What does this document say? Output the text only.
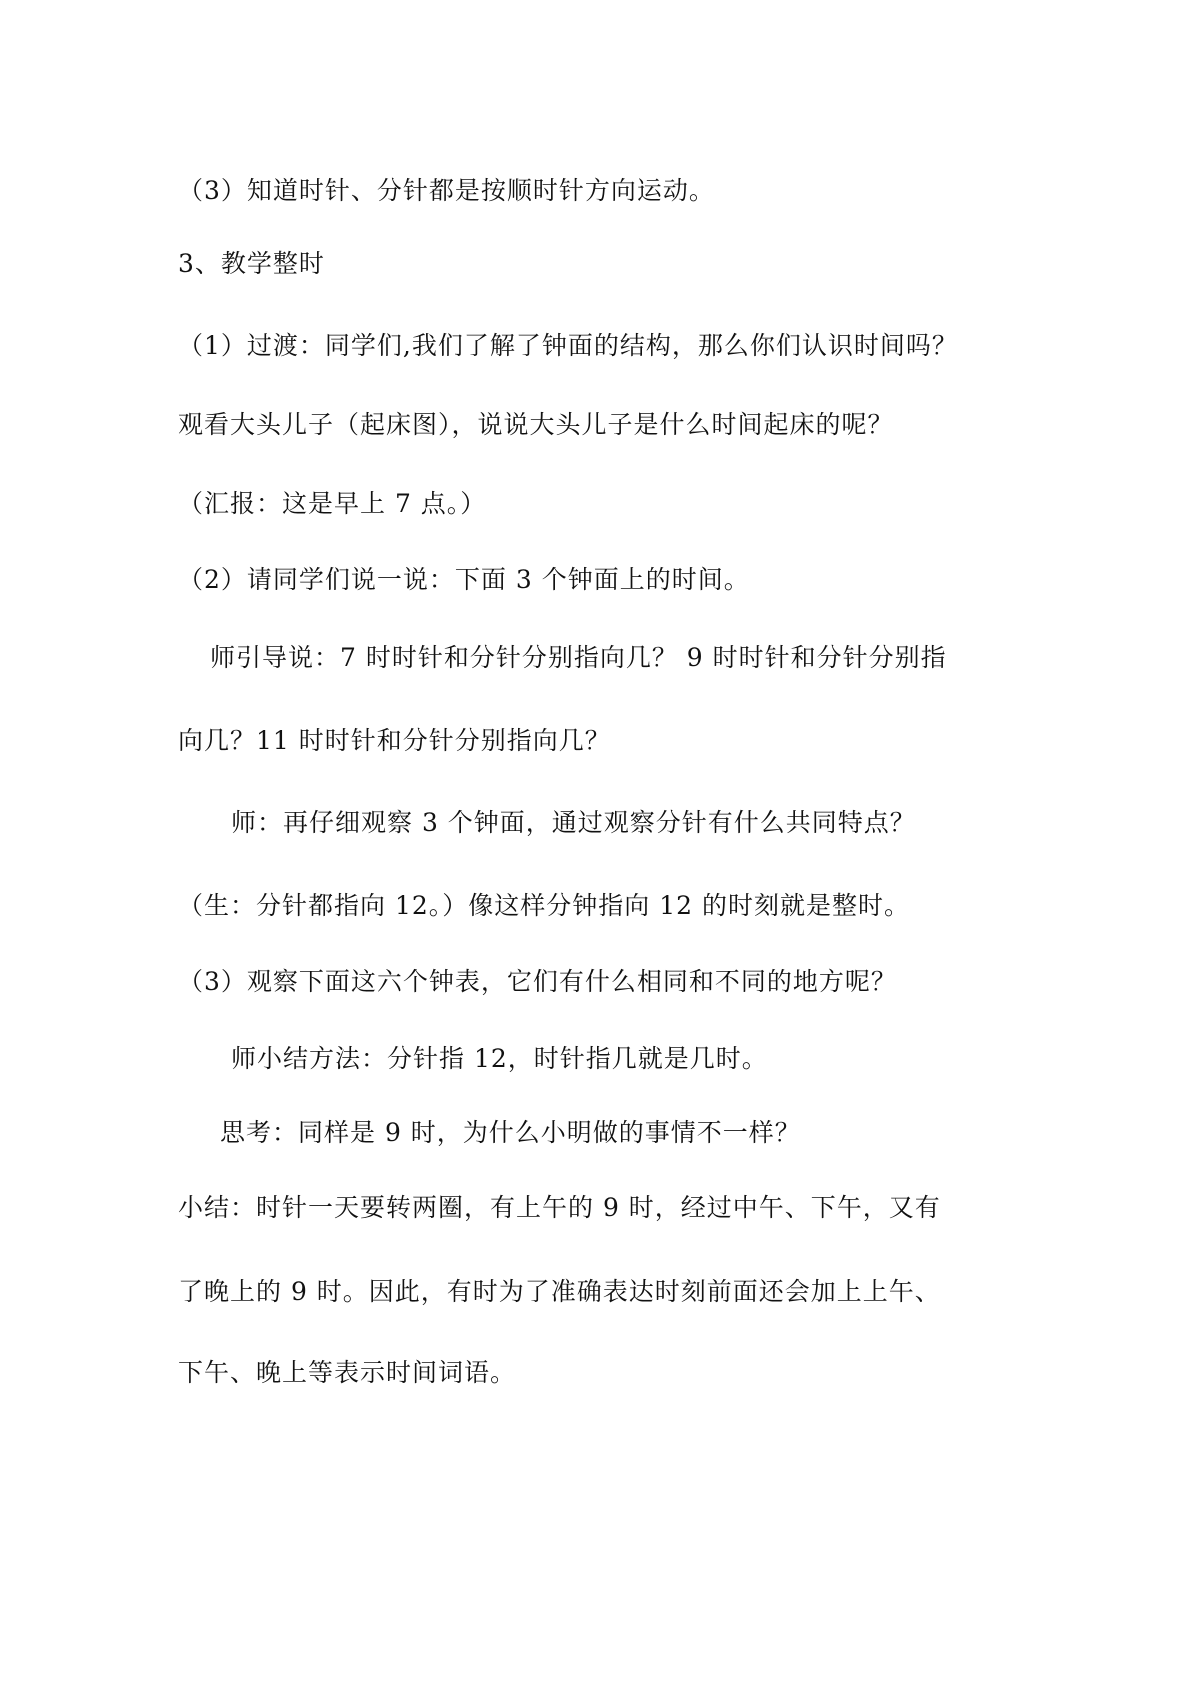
（3）知道时针、分针都是按顺时针方向运动。

3、教学整时

（1）过渡：同学们,我们了解了钟面的结构，那么你们认识时间吗？

观看大头儿子（起床图），说说大头儿子是什么时间起床的呢？

（汇报：这是早上 7 点。）

（2）请同学们说一说：下面 3 个钟面上的时间。

师引导说：7 时时针和分针分别指向几？ 9 时时针和分针分别指

向几？11 时时针和分针分别指向几？

师：再仔细观察 3 个钟面，通过观察分针有什么共同特点？

（生：分针都指向 12。）像这样分钟指向 12 的时刻就是整时。

（3）观察下面这六个钟表，它们有什么相同和不同的地方呢？

师小结方法：分针指 12，时针指几就是几时。

思考：同样是 9 时，为什么小明做的事情不一样？

小结：时针一天要转两圈，有上午的 9 时，经过中午、下午，又有

了晚上的 9 时。因此，有时为了准确表达时刻前面还会加上上午、

下午、晚上等表示时间词语。
